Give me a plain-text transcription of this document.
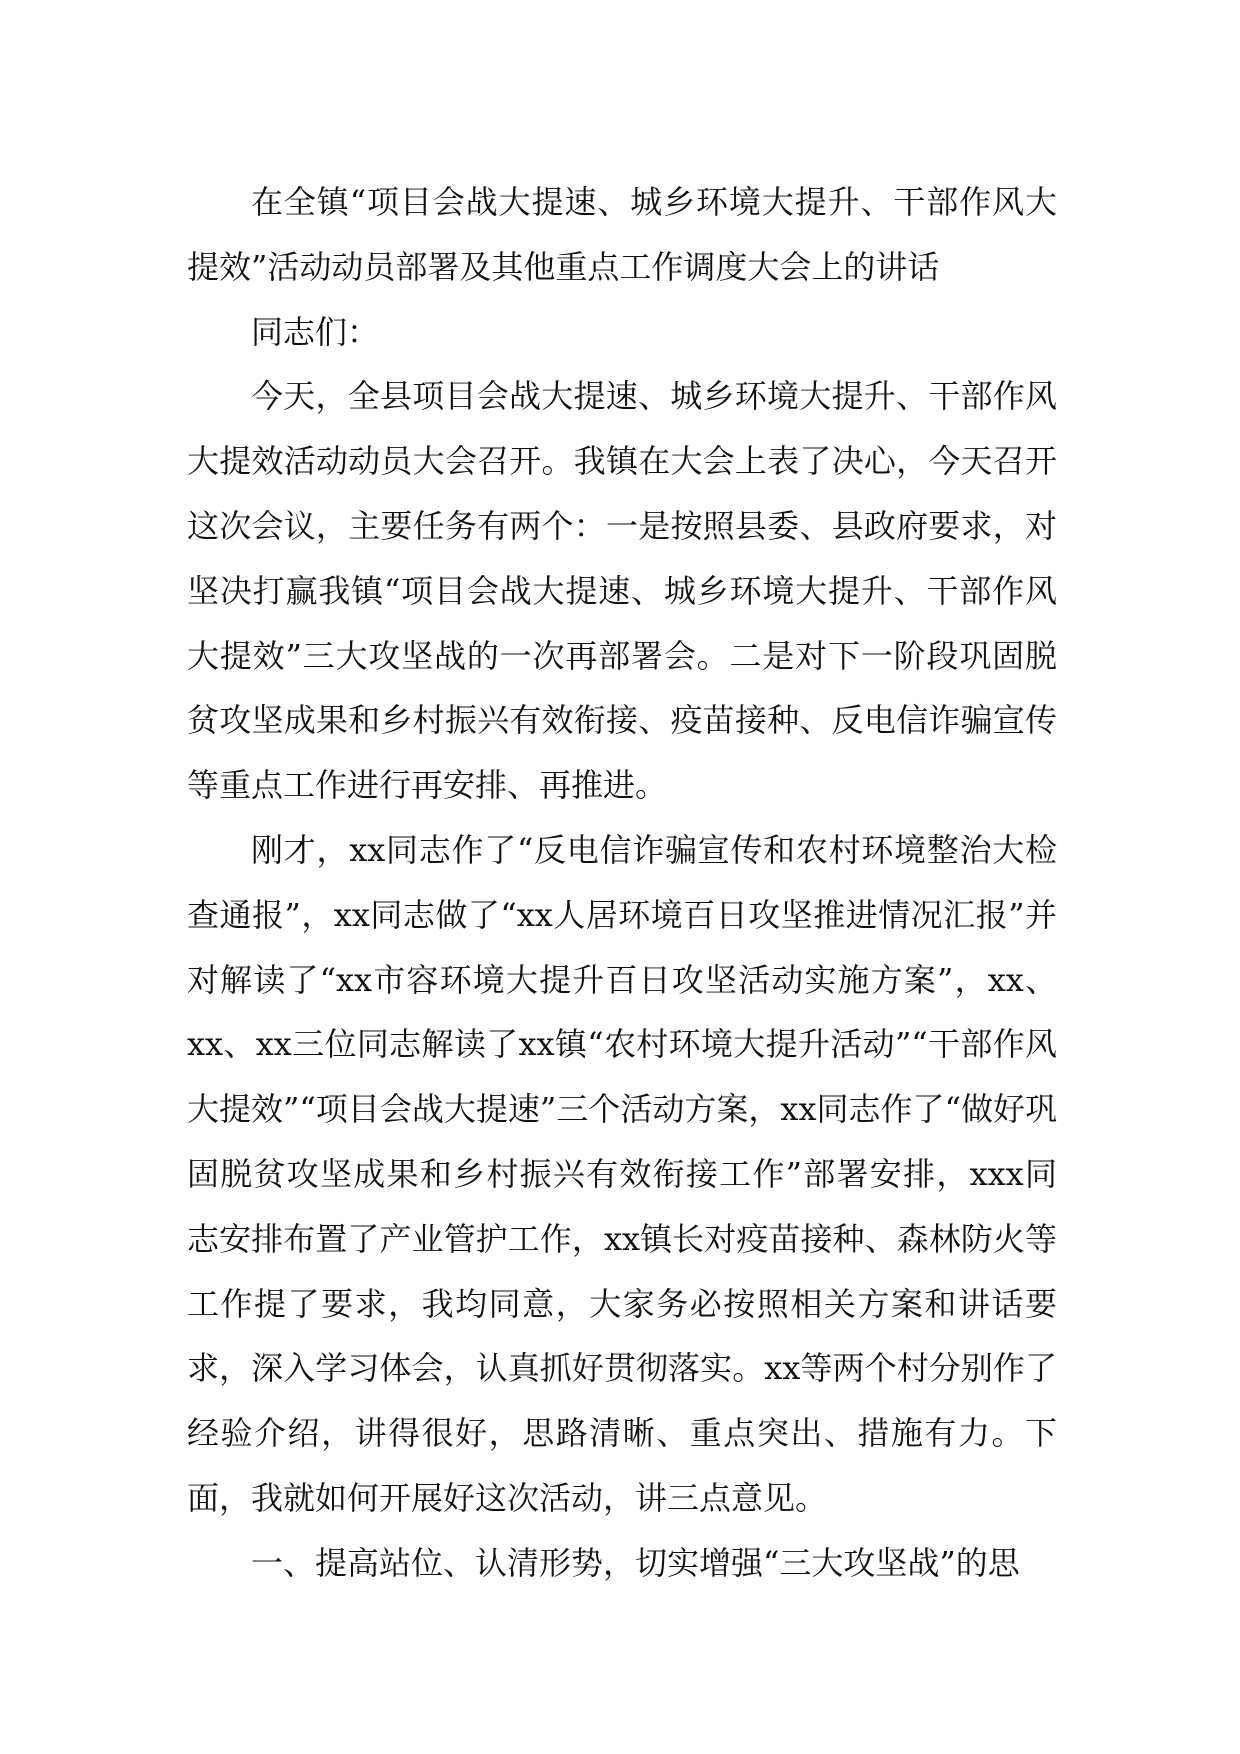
在全镇“项目会战大提速、城乡环境大提升、干部作风大提效”活动动员部署及其他重点工作调度大会上的讲话

同志们：

今天，全县项目会战大提速、城乡环境大提升、干部作风大提效活动动员大会召开。我镇在大会上表了决心，今天召开这次会议，主要任务有两个：一是按照县委、县政府要求，对坚决打赢我镇“项目会战大提速、城乡环境大提升、干部作风大提效”三大攻坚战的一次再部署会。二是对下一阶段巩固脱贫攻坚成果和乡村振兴有效衔接、疫苗接种、反电信诈骗宣传等重点工作进行再安排、再推进。

刚才，xx同志作了“反电信诈骗宣传和农村环境整治大检查通报”，xx同志做了“xx人居环境百日攻坚推进情况汇报”并对解读了“xx市容环境大提升百日攻坚活动实施方案”，xx、xx、xx三位同志解读了xx镇“农村环境大提升活动”“干部作风大提效”“项目会战大提速”三个活动方案，xx同志作了“做好巩固脱贫攻坚成果和乡村振兴有效衔接工作”部署安排，xxx同志安排布置了产业管护工作，xx镇长对疫苗接种、森林防火等工作提了要求，我均同意，大家务必按照相关方案和讲话要求，深入学习体会，认真抓好贯彻落实。xx等两个村分别作了经验介绍，讲得很好，思路清晰、重点突出、措施有力。下面，我就如何开展好这次活动，讲三点意见。

一、提高站位、认清形势，切实增强“三大攻坚战”的思
